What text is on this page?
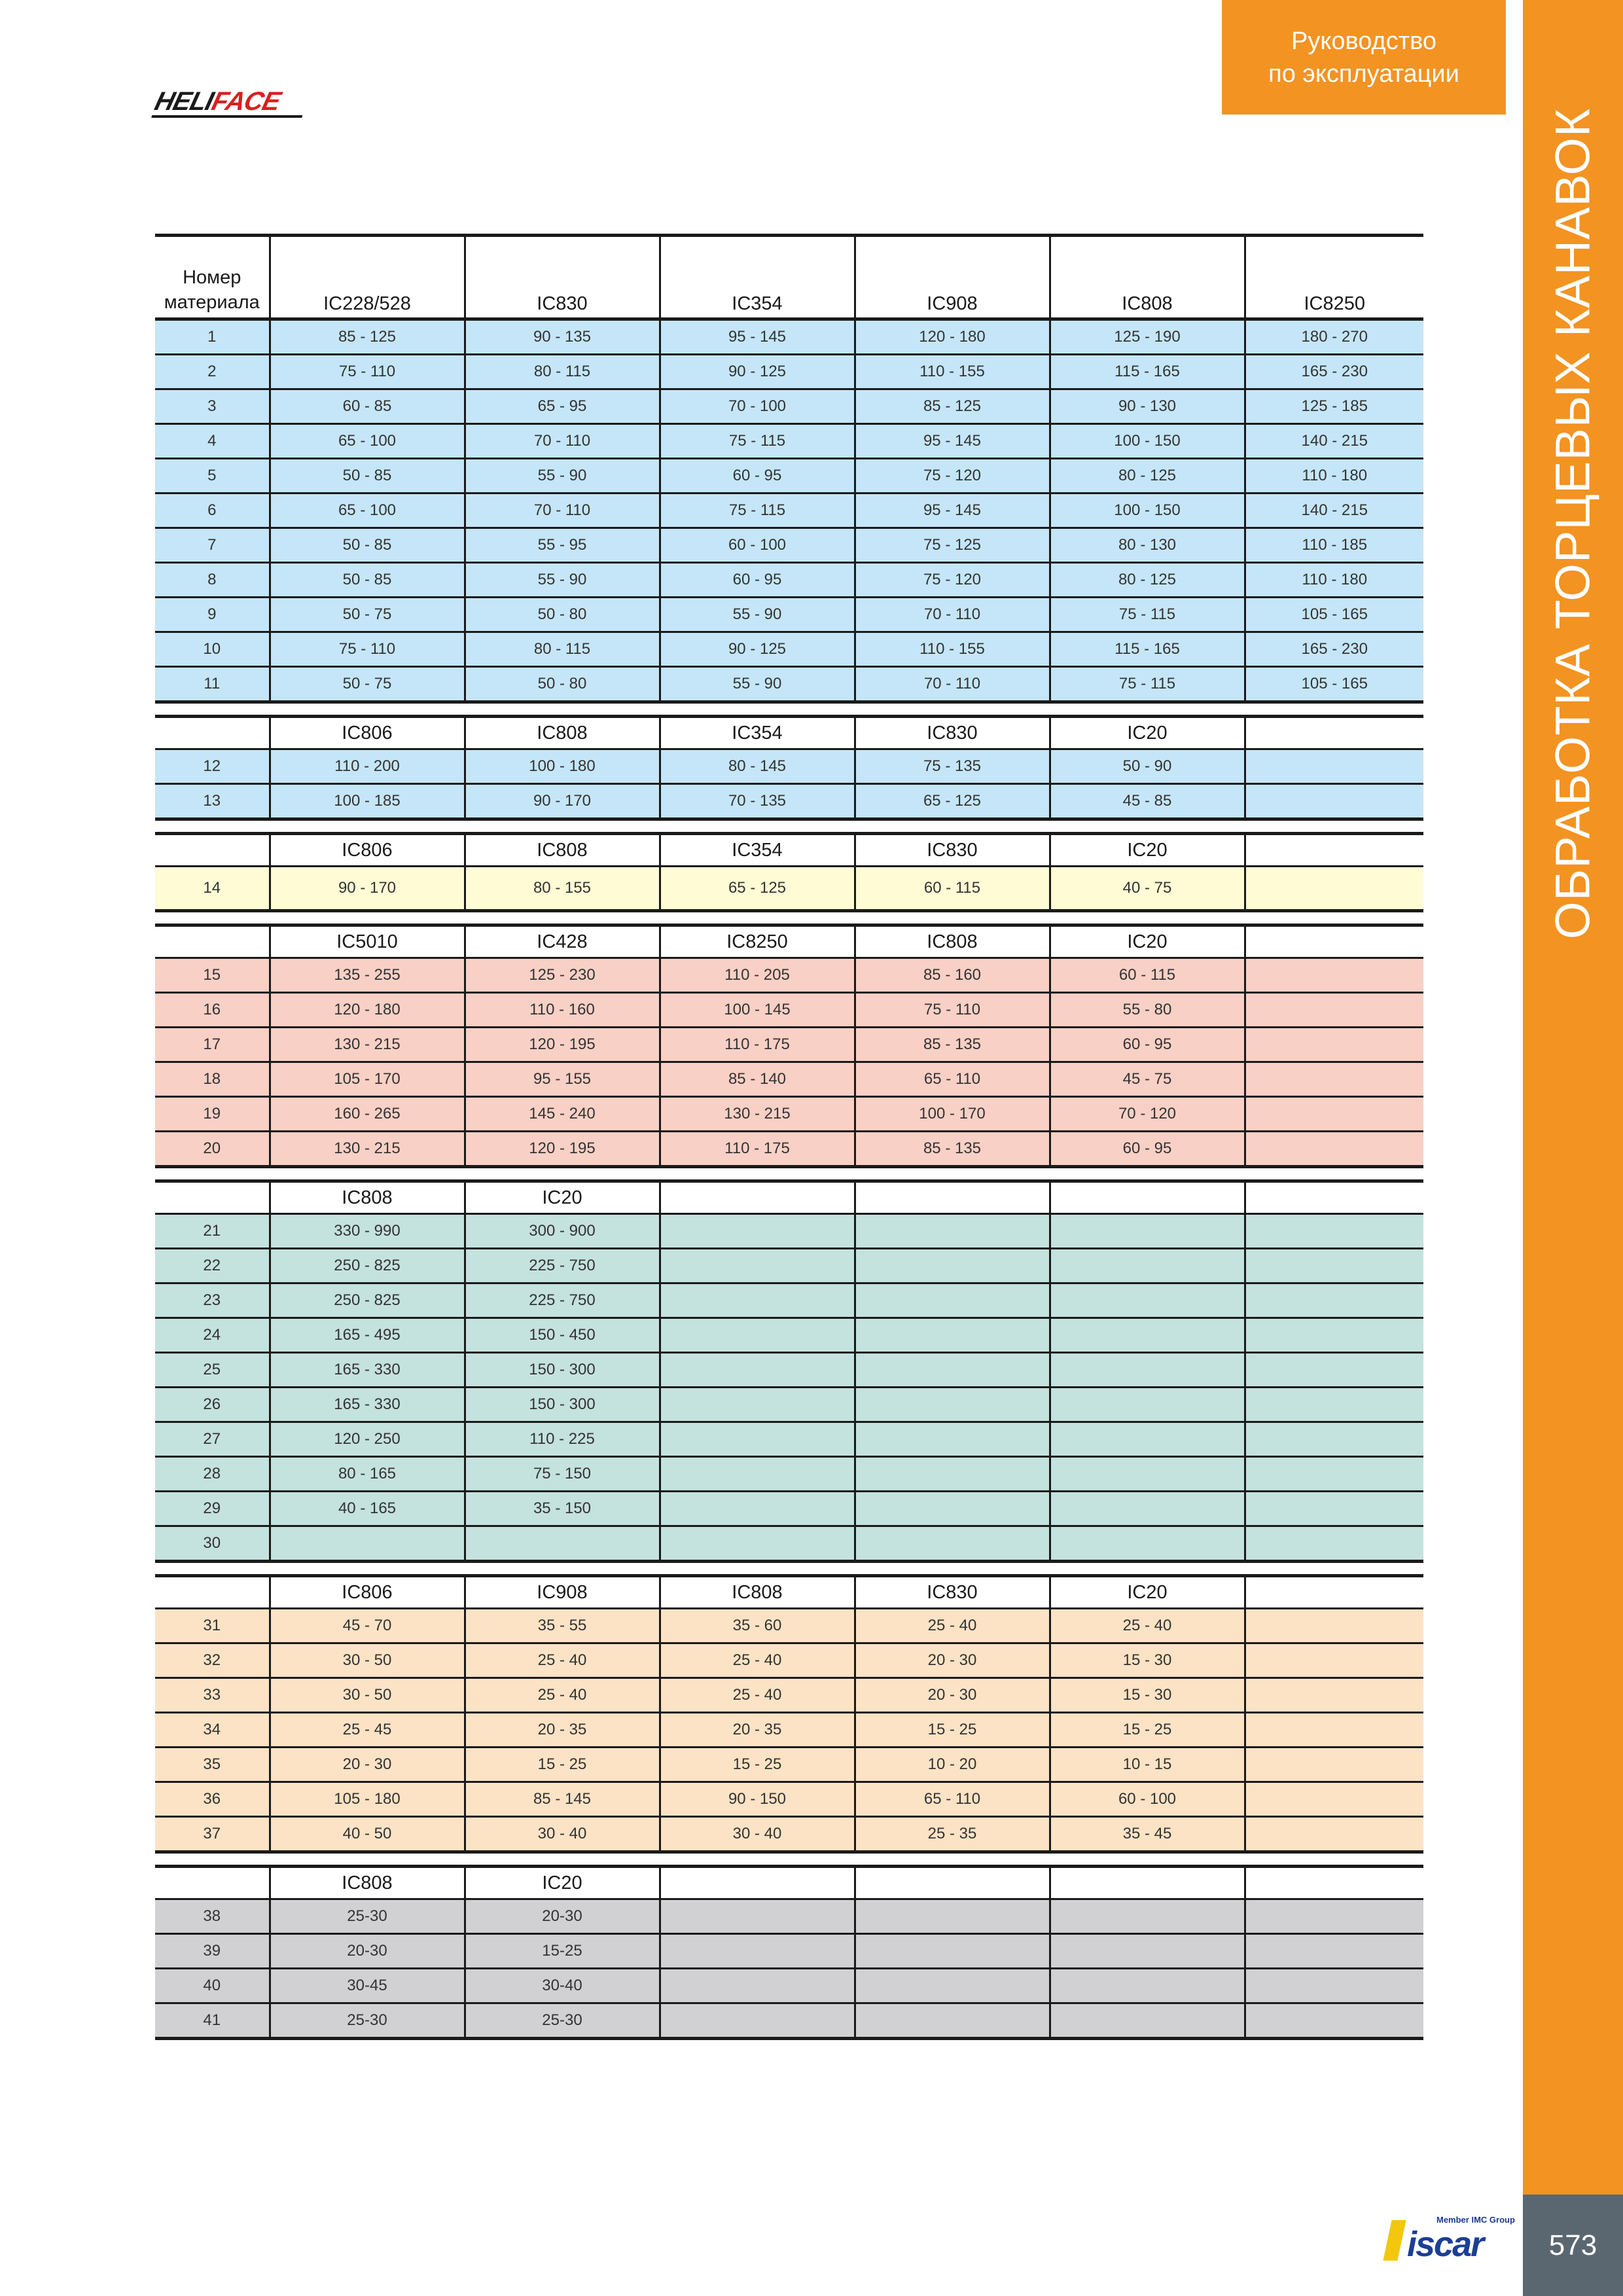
ОБРАБОТКА ТОРЦЕВЫХ КАНАВОК
Руководство
по эксплуатации
HELI
FACE
Номер
материала	IC228/528	IC830	IC354	IC908	IC808	IC8250
1	85 - 125	90 - 135	95 - 145	120 - 180	125 - 190	180 - 270
2	75 - 110	80 - 115	90 - 125	110 - 155	115 - 165	165 - 230
3	60 - 85	65 - 95	70 - 100	85 - 125	90 - 130	125 - 185
4	65 - 100	70 - 110	75 - 115	95 - 145	100 - 150	140 - 215
5	50 - 85	55 - 90	60 - 95	75 - 120	80 - 125	110 - 180
6	65 - 100	70 - 110	75 - 115	95 - 145	100 - 150	140 - 215
7	50 - 85	55 - 95	60 - 100	75 - 125	80 - 130	110 - 185
8	50 - 85	55 - 90	60 - 95	75 - 120	80 - 125	110 - 180
9	50 - 75	50 - 80	55 - 90	70 - 110	75 - 115	105 - 165
10	75 - 110	80 - 115	90 - 125	110 - 155	115 - 165	165 - 230
11	50 - 75	50 - 80	55 - 90	70 - 110	75 - 115	105 - 165

	IC806	IC808	IC354	IC830	IC20	
12	110 - 200	100 - 180	80 - 145	75 - 135	50 - 90	
13	100 - 185	90 - 170	70 - 135	65 - 125	45 - 85	

	IC806	IC808	IC354	IC830	IC20	
14	90 - 170	80 - 155	65 - 125	60 - 115	40 - 75	

	IC5010	IC428	IC8250	IC808	IC20	
15	135 - 255	125 - 230	110 - 205	85 - 160	60 - 115	
16	120 - 180	110 - 160	100 - 145	75 - 110	55 - 80	
17	130 - 215	120 - 195	110 - 175	85 - 135	60 - 95	
18	105 - 170	95 - 155	85 - 140	65 - 110	45 - 75	
19	160 - 265	145 - 240	130 - 215	100 - 170	70 - 120	
20	130 - 215	120 - 195	110 - 175	85 - 135	60 - 95	

	IC808	IC20				
21	330 - 990	300 - 900				
22	250 - 825	225 - 750				
23	250 - 825	225 - 750				
24	165 - 495	150 - 450				
25	165 - 330	150 - 300				
26	165 - 330	150 - 300				
27	120 - 250	110 - 225				
28	80 - 165	75 - 150				
29	40 - 165	35 - 150				
30						

	IC806	IC908	IC808	IC830	IC20	
31	45 - 70	35 - 55	35 - 60	25 - 40	25 - 40	
32	30 - 50	25 - 40	25 - 40	20 - 30	15 - 30	
33	30 - 50	25 - 40	25 - 40	20 - 30	15 - 30	
34	25 - 45	20 - 35	20 - 35	15 - 25	15 - 25	
35	20 - 30	15 - 25	15 - 25	10 - 20	10 - 15	
36	105 - 180	85 - 145	90 - 150	65 - 110	60 - 100	
37	40 - 50	30 - 40	30 - 40	25 - 35	35 - 45	

	IC808	IC20				
38	25-30	20-30				
39	20-30	15-25				
40	30-45	30-40				
41	25-30	25-30				
Member IMC Group
iscar	573
